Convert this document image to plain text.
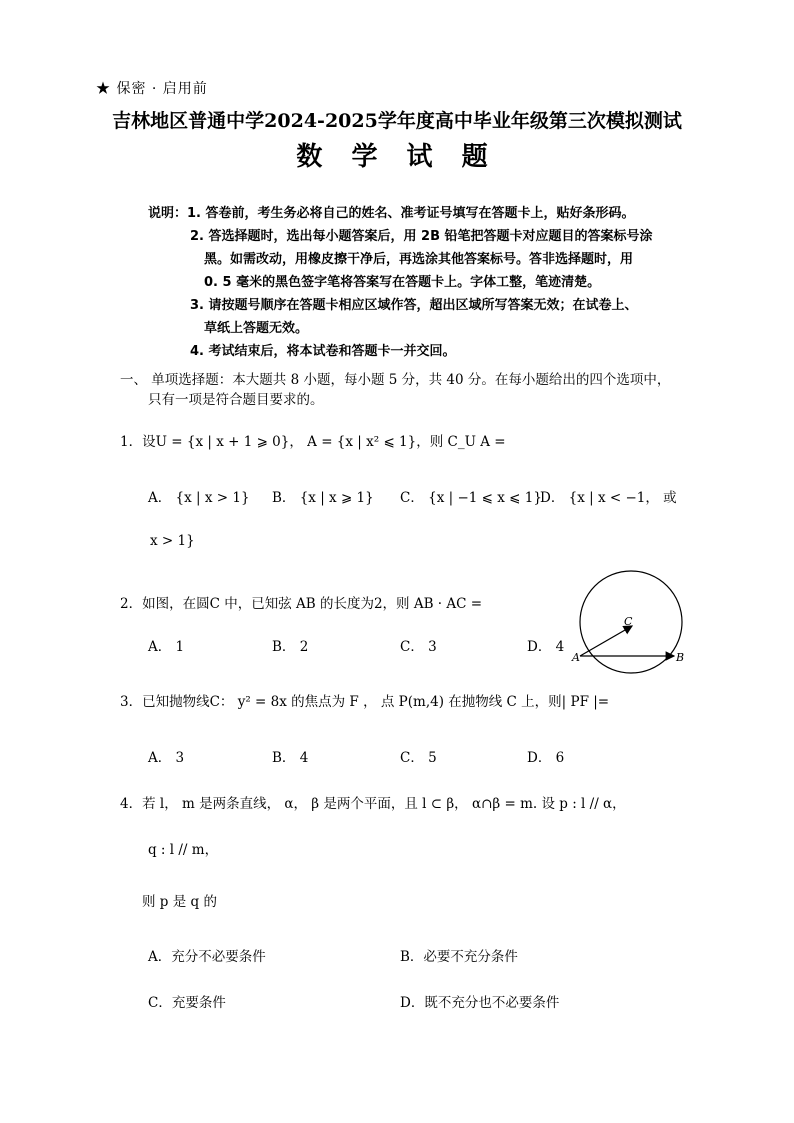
★ 保密 · 启用前
吉林地区普通中学2024-2025学年度高中毕业年级第三次模拟测试
数 学 试 题
说明：1. 答卷前，考生务必将自己的姓名、准考证号填写在答题卡上，贴好条形码。
2. 答选择题时，选出每小题答案后，用 2B 铅笔把答题卡对应题目的答案标号涂
黑。如需改动，用橡皮擦干净后，再选涂其他答案标号。答非选择题时，用
0. 5 毫米的黑色签字笔将答案写在答题卡上。字体工整，笔迹清楚。
3. 请按题号顺序在答题卡相应区域作答，超出区域所写答案无效；在试卷上、
草纸上答题无效。
4. 考试结束后，将本试卷和答题卡一并交回。
一、 单项选择题：本大题共 8 小题，每小题 5 分，共 40 分。在每小题给出的四个选项中，
只有一项是符合题目要求的。
1．设U = {x | x + 1 ⩾ 0}， A = {x | x² ⩽ 1}，则 C_U A =
A． {x | x > 1} B． {x | x ⩾ 1} C． {x | −1 ⩽ x ⩽ 1}
D． {x | x < −1， 或
x > 1}
2．如图，在圆C 中，已知弦 AB 的长度为2，则 AB · AC =
A． 1	B． 2	C． 3	D． 4
A	B
C
3．已知抛物线C： y² = 8x 的焦点为 F ， 点 P(m,4) 在抛物线 C 上，则| PF |=
A． 3	B． 4	C． 5	D． 6
4．若 l， m 是两条直线， α， β 是两个平面，且 l ⊂ β， α∩β = m. 设 p : l // α，
q : l // m，
则 p 是 q 的
A．充分不必要条件	B．必要不充分条件
C．充要条件	D．既不充分也不必要条件
